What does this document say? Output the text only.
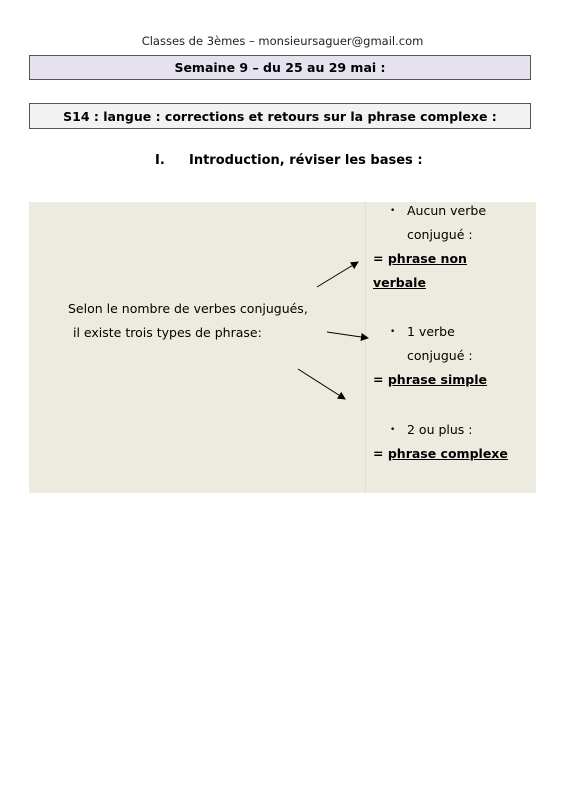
Classes de 3èmes – monsieursaguer@gmail.com
Semaine 9 – du 25 au 29 mai :
S14 : langue : corrections et retours sur la phrase complexe :
I.	Introduction, réviser les bases :
Selon le nombre de verbes conjugués,
il existe trois types de phrase:
• Aucun verbe
conjugué :
= phrase non
verbale
• 1 verbe
conjugué :
= phrase simple
• 2 ou plus :
= phrase complexe
